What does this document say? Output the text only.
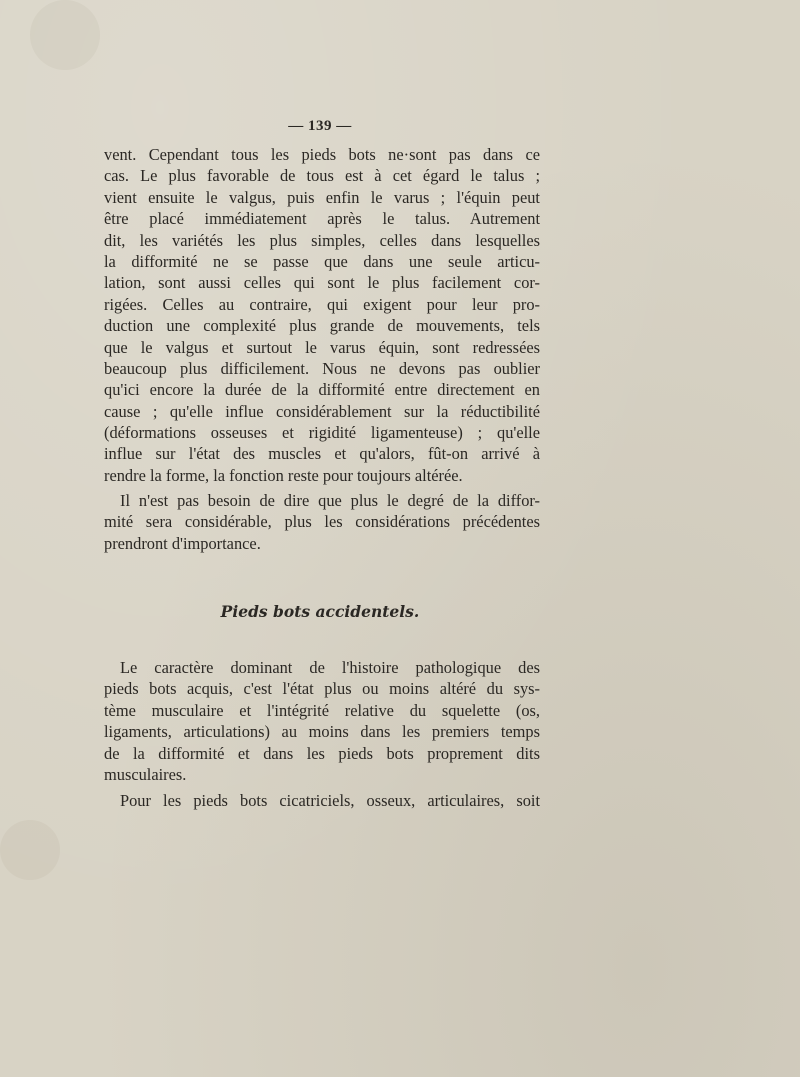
— 139 —
vent. Cependant tous les pieds bots ne·sont pas dans ce
cas. Le plus favorable de tous est à cet égard le talus ;
vient ensuite le valgus, puis enfin le varus ; l'équin peut
être placé immédiatement après le talus. Autrement
dit, les variétés les plus simples, celles dans lesquelles
la difformité ne se passe que dans une seule articu-
lation, sont aussi celles qui sont le plus facilement cor-
rigées. Celles au contraire, qui exigent pour leur pro-
duction une complexité plus grande de mouvements, tels
que le valgus et surtout le varus équin, sont redressées
beaucoup plus difficilement. Nous ne devons pas oublier
qu'ici encore la durée de la difformité entre directement en
cause ; qu'elle influe considérablement sur la réductibilité
(déformations osseuses et rigidité ligamenteuse) ; qu'elle
influe sur l'état des muscles et qu'alors, fût-on arrivé à
rendre la forme, la fonction reste pour toujours altérée.
Il n'est pas besoin de dire que plus le degré de la diffor-
mité sera considérable, plus les considérations précédentes
prendront d'importance.
Pieds bots accidentels.
Le caractère dominant de l'histoire pathologique des
pieds bots acquis, c'est l'état plus ou moins altéré du sys-
tème musculaire et l'intégrité relative du squelette (os,
ligaments, articulations) au moins dans les premiers temps
de la difformité et dans les pieds bots proprement dits
musculaires.
Pour les pieds bots cicatriciels, osseux, articulaires, soit
